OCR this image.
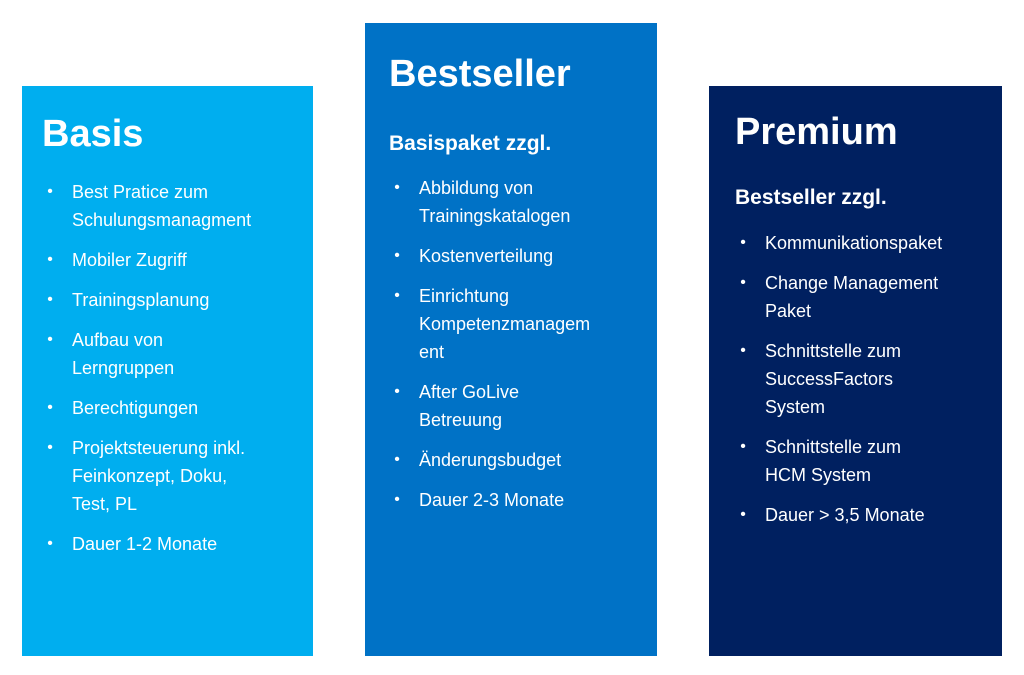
Basis
• Best Pratice zum
Schulungsmanagment
• Mobiler Zugriff
• Trainingsplanung
• Aufbau von
Lerngruppen
• Berechtigungen
• Projektsteuerung inkl.
Feinkonzept, Doku,
Test, PL
• Dauer 1-2 Monate
Bestseller
Basispaket zzgl.
• Abbildung von
Trainingskatalogen
• Kostenverteilung
• Einrichtung
Kompetenzmanagem
ent
• After GoLive
Betreuung
• Änderungsbudget
• Dauer 2-3 Monate
Premium
Bestseller zzgl.
• Kommunikationspaket
• Change Management
Paket
• Schnittstelle zum
SuccessFactors
System
• Schnittstelle zum
HCM System
• Dauer > 3,5 Monate
